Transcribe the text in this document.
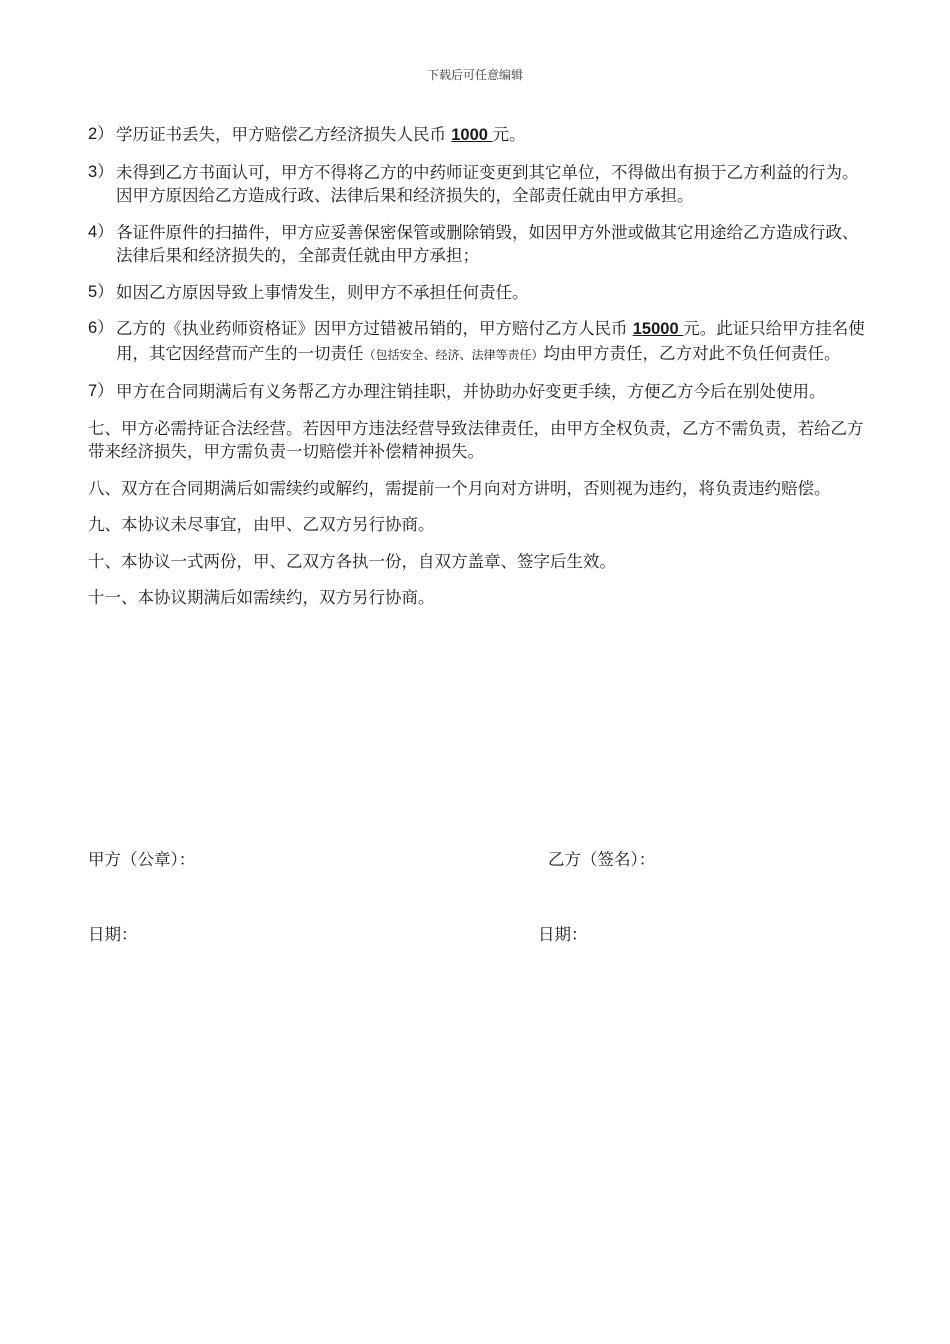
下载后可任意编辑
2） 学历证书丢失，甲方赔偿乙方经济损失人民币 1000 元。
3） 未得到乙方书面认可，甲方不得将乙方的中药师证变更到其它单位，不得做出有损于乙方利益的行为。因甲方原因给乙方造成行政、法律后果和经济损失的，全部责任就由甲方承担。
4） 各证件原件的扫描件，甲方应妥善保密保管或删除销毁，如因甲方外泄或做其它用途给乙方造成行政、法律后果和经济损失的，全部责任就由甲方承担；
5） 如因乙方原因导致上事情发生，则甲方不承担任何责任。
6） 乙方的《执业药师资格证》因甲方过错被吊销的，甲方赔付乙方人民币 15000 元。此证只给甲方挂名使用，其它因经营而产生的一切责任（包括安全、经济、法律等责任）均由甲方责任，乙方对此不负任何责任。
7） 甲方在合同期满后有义务帮乙方办理注销挂职，并协助办好变更手续，方便乙方今后在别处使用。
七、甲方必需持证合法经营。若因甲方违法经营导致法律责任，由甲方全权负责，乙方不需负责，若给乙方带来经济损失，甲方需负责一切赔偿并补偿精神损失。
八、双方在合同期满后如需续约或解约，需提前一个月向对方讲明，否则视为违约，将负责违约赔偿。
九、本协议未尽事宜，由甲、乙双方另行协商。
十、本协议一式两份，甲、乙双方各执一份，自双方盖章、签字后生效。
十一、本协议期满后如需续约，双方另行协商。
甲方（公章）：	乙方（签名）：
日期：	日期：
